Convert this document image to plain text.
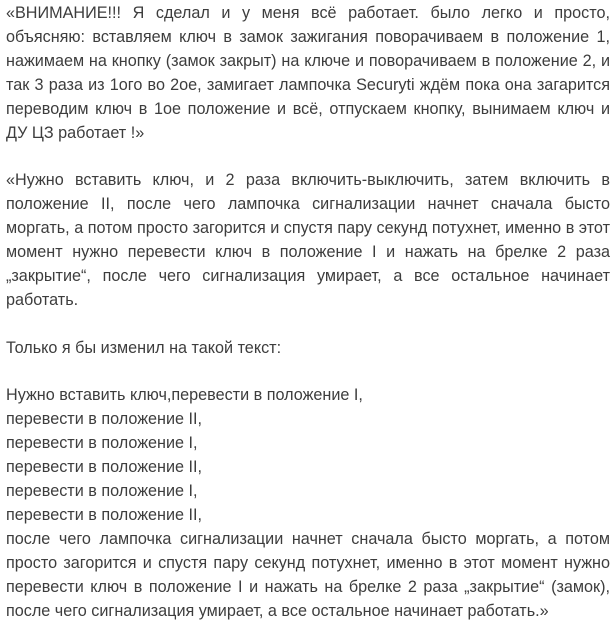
«ВНИМАНИЕ!!! Я сделал и у меня всё работает. было легко и просто, объясняю: вставляем ключ в замок зажигания поворачиваем в положение 1, нажимаем на кнопку (замок закрыт) на ключе и поворачиваем в положение 2, и так 3 раза из 1ого во 2ое, замигает лампочка Securyti ждём пока она загарится переводим ключ в 1ое положение и всё, отпускаем кнопку, вынимаем ключ и ДУ ЦЗ работает !»

«Нужно вставить ключ, и 2 раза включить-выключить, затем включить в положение II, после чего лампочка сигнализации начнет сначала бысто моргать, а потом просто загорится и спустя пару секунд потухнет, именно в этот момент нужно перевести ключ в положение I и нажать на брелке 2 раза „закрытие“, после чего сигнализация умирает, а все остальное начинает работать.

Только я бы изменил на такой текст:

Нужно вставить ключ,перевести в положение I,
перевести в положение II,
перевести в положение I,
перевести в положение II,
перевести в положение I,
перевести в положение II,
после чего лампочка сигнализации начнет сначала бысто моргать, а потом просто загорится и спустя пару секунд потухнет, именно в этот момент нужно перевести ключ в положение I и нажать на брелке 2 раза „закрытие“ (замок), после чего сигнализация умирает, а все остальное начинает работать.»
